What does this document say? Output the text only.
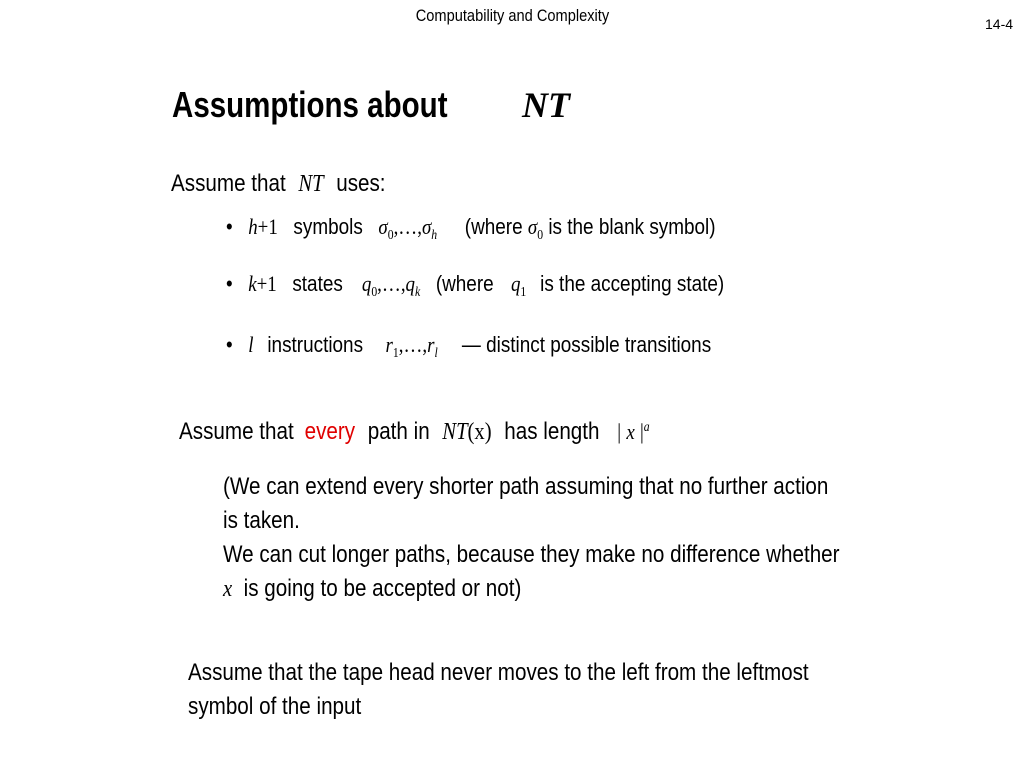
Computability and Complexity	14-4
Assumptions about NT
Assume that NT uses:
• h+1 symbols $\sigma_0,\dots,\sigma_h$ (where $\sigma_0$ is the blank symbol)
• k+1 states $q_0,\dots,q_k$ (where $q_1$ is the accepting state)
• l instructions $r_1,\dots,r_l$ — distinct possible transitions
Assume that every path in NT(x) has length | x $|^a$
(We can extend every shorter path assuming that no further action
is taken.
We can cut longer paths, because they make no difference whether
x is going to be accepted or not)
Assume that the tape head never moves to the left from the leftmost
symbol of the input
